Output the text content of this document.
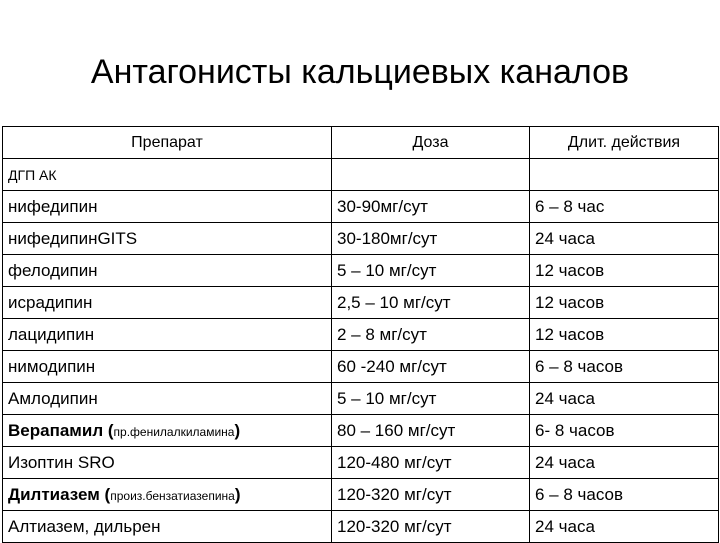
Антагонисты кальциевых каналов
Препарат	Доза	Длит. действия
ДГП АК		
нифедипин	30-90мг/сут	6 – 8 час
нифедипинGITS	30-180мг/сут	24 часа
фелодипин	5 – 10 мг/сут	12 часов
исрадипин	2,5 – 10 мг/сут	12 часов
лацидипин	2 – 8 мг/сут	12 часов
нимодипин	60 -240 мг/сут	6 – 8 часов
Амлодипин	5 – 10 мг/сут	24 часа
Верапамил (пр.фенилалкиламина)	80 – 160 мг/сут	6- 8 часов
Изоптин SRO	120-480 мг/сут	24 часа
Дилтиазем (произ.бензатиазепина)	120-320 мг/сут	6 – 8 часов
Алтиазем, дильрен	120-320 мг/сут	24 часа
